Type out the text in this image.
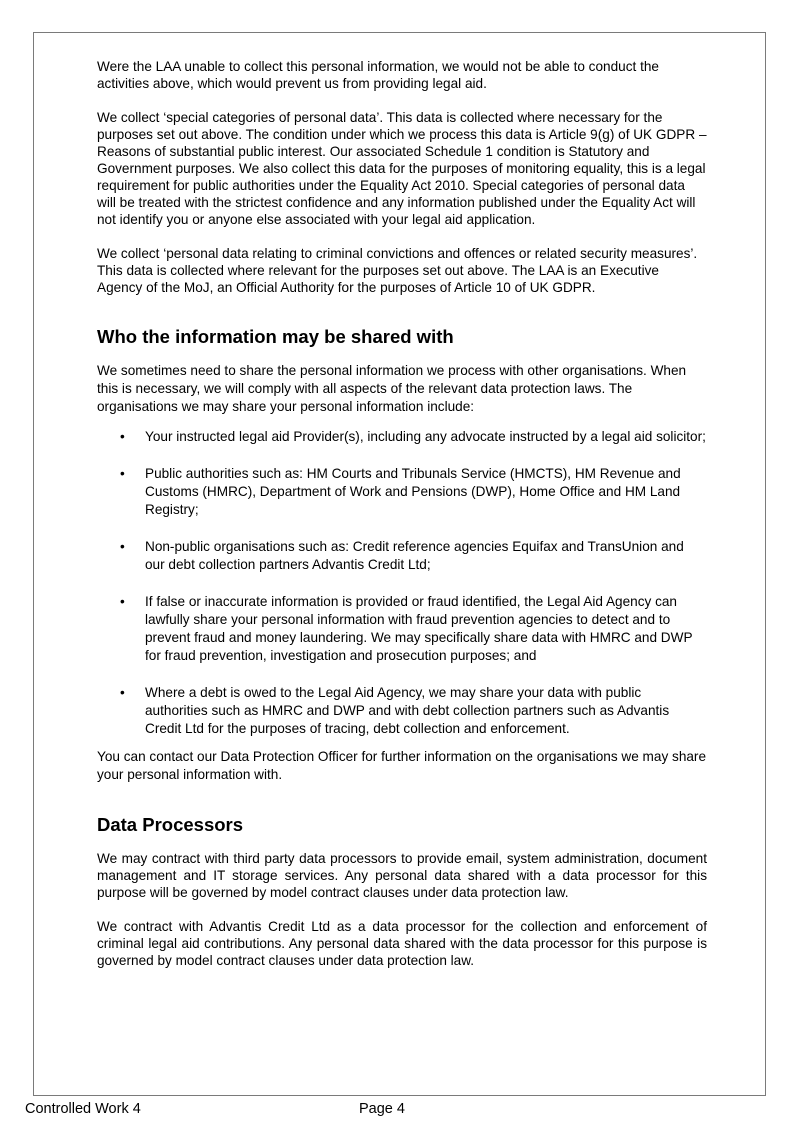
Were the LAA unable to collect this personal information, we would not be able to conduct the activities above, which would prevent us from providing legal aid.

We collect ‘special categories of personal data’. This data is collected where necessary for the purposes set out above. The condition under which we process this data is Article 9(g) of UK GDPR – Reasons of substantial public interest. Our associated Schedule 1 condition is Statutory and Government purposes. We also collect this data for the purposes of monitoring equality, this is a legal requirement for public authorities under the Equality Act 2010. Special categories of personal data will be treated with the strictest confidence and any information published under the Equality Act will not identify you or anyone else associated with your legal aid application.

We collect ‘personal data relating to criminal convictions and offences or related security measures’. This data is collected where relevant for the purposes set out above. The LAA is an Executive Agency of the MoJ, an Official Authority for the purposes of Article 10 of UK GDPR.

Who the information may be shared with

We sometimes need to share the personal information we process with other organisations. When this is necessary, we will comply with all aspects of the relevant data protection laws. The organisations we may share your personal information include:

• Your instructed legal aid Provider(s), including any advocate instructed by a legal aid solicitor;
• Public authorities such as: HM Courts and Tribunals Service (HMCTS), HM Revenue and Customs (HMRC), Department of Work and Pensions (DWP), Home Office and HM Land Registry;
• Non-public organisations such as: Credit reference agencies Equifax and TransUnion and our debt collection partners Advantis Credit Ltd;
• If false or inaccurate information is provided or fraud identified, the Legal Aid Agency can lawfully share your personal information with fraud prevention agencies to detect and to prevent fraud and money laundering. We may specifically share data with HMRC and DWP for fraud prevention, investigation and prosecution purposes; and
• Where a debt is owed to the Legal Aid Agency, we may share your data with public authorities such as HMRC and DWP and with debt collection partners such as Advantis Credit Ltd for the purposes of tracing, debt collection and enforcement.

You can contact our Data Protection Officer for further information on the organisations we may share your personal information with.

Data Processors

We may contract with third party data processors to provide email, system administration, document management and IT storage services. Any personal data shared with a data processor for this purpose will be governed by model contract clauses under data protection law.

We contract with Advantis Credit Ltd as a data processor for the collection and enforcement of criminal legal aid contributions. Any personal data shared with the data processor for this purpose is governed by model contract clauses under data protection law.

Controlled Work 4	Page 4
